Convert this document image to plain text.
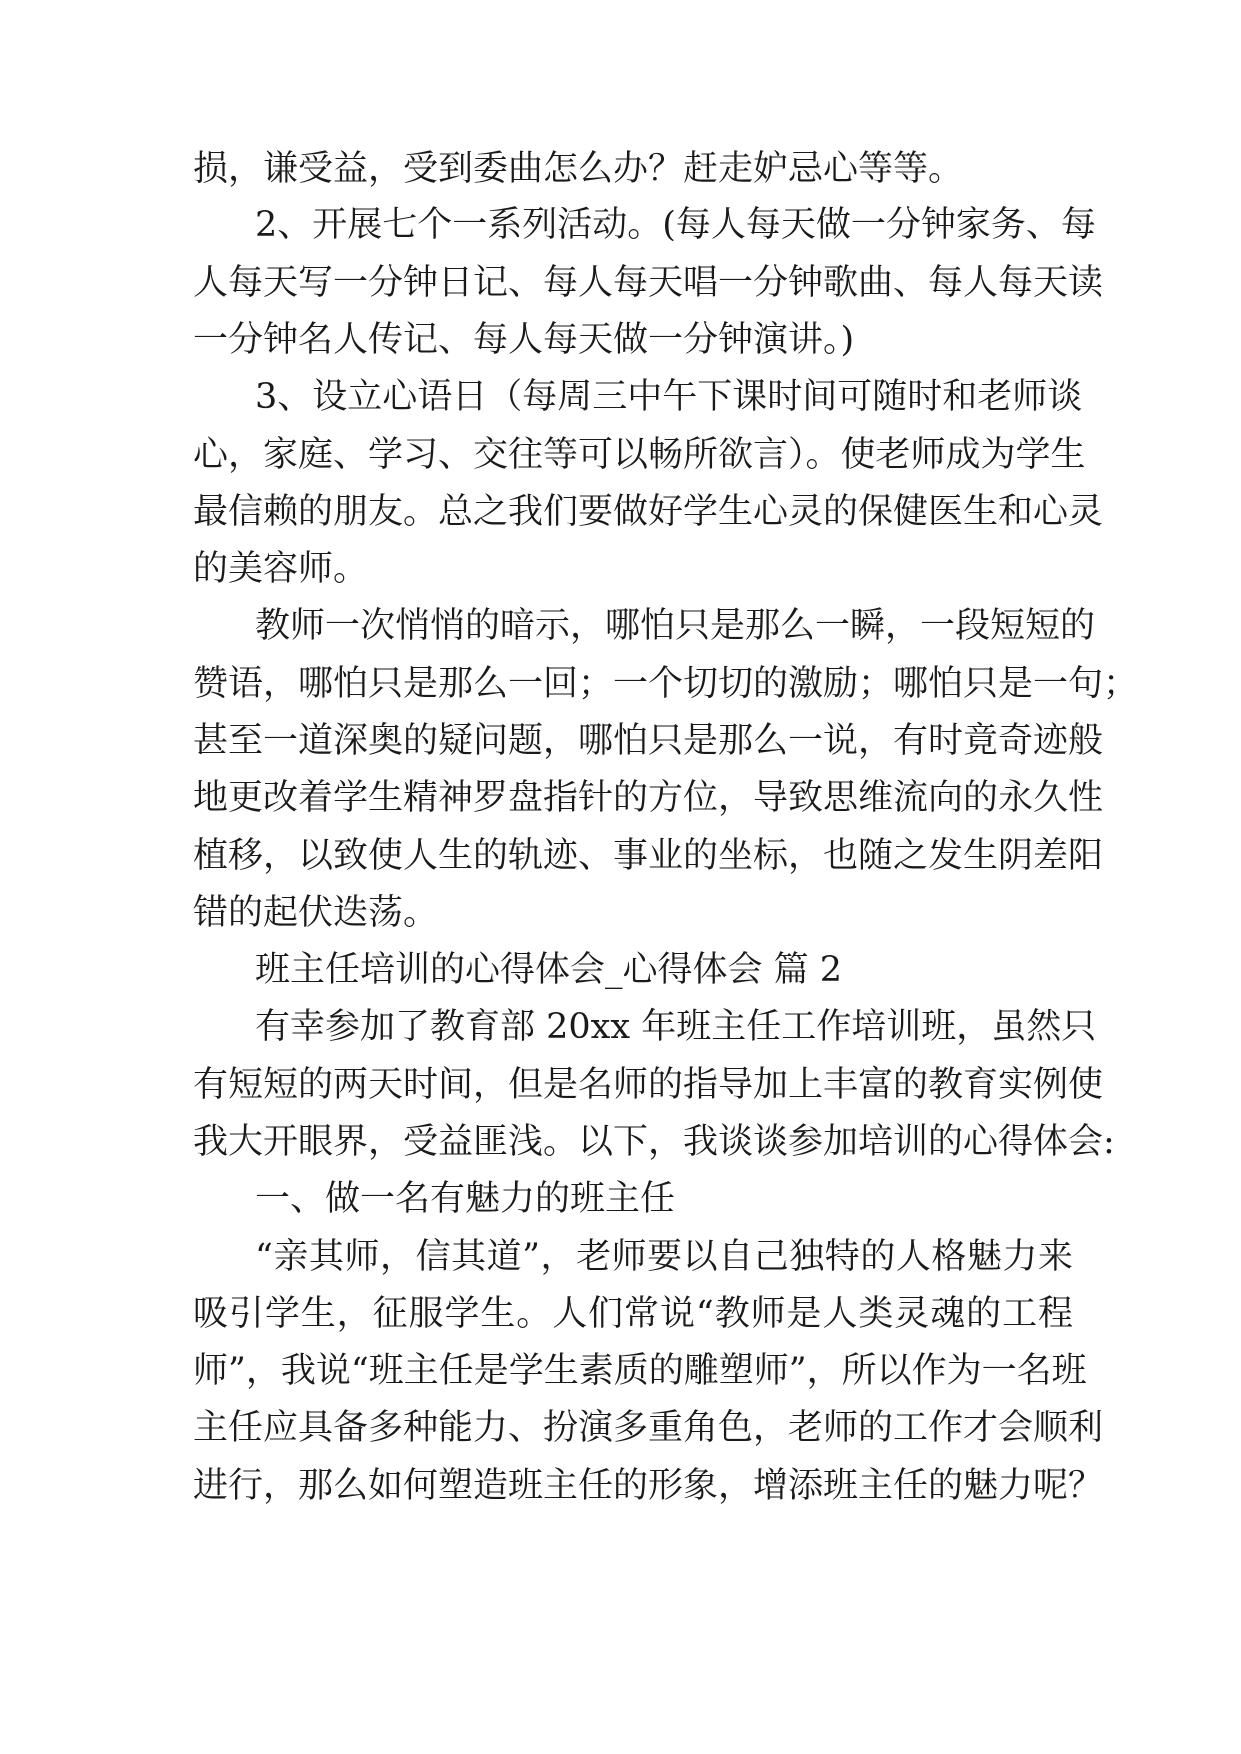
损，谦受益，受到委曲怎么办？赶走妒忌心等等。

2、开展七个一系列活动。(每人每天做一分钟家务、每

人每天写一分钟日记、每人每天唱一分钟歌曲、每人每天读

一分钟名人传记、每人每天做一分钟演讲。)

3、设立心语日（每周三中午下课时间可随时和老师谈

心，家庭、学习、交往等可以畅所欲言）。使老师成为学生

最信赖的朋友。总之我们要做好学生心灵的保健医生和心灵

的美容师。

教师一次悄悄的暗示，哪怕只是那么一瞬，一段短短的

赞语，哪怕只是那么一回；一个切切的激励；哪怕只是一句；

甚至一道深奥的疑问题，哪怕只是那么一说，有时竟奇迹般

地更改着学生精神罗盘指针的方位，导致思维流向的永久性

植移，以致使人生的轨迹、事业的坐标，也随之发生阴差阳

错的起伏迭荡。

班主任培训的心得体会_心得体会 篇 2

有幸参加了教育部 20xx 年班主任工作培训班，虽然只

有短短的两天时间，但是名师的指导加上丰富的教育实例使

我大开眼界，受益匪浅。以下，我谈谈参加培训的心得体会:

一、做一名有魅力的班主任

“亲其师，信其道”，老师要以自己独特的人格魅力来

吸引学生，征服学生。人们常说“教师是人类灵魂的工程

师”，我说“班主任是学生素质的雕塑师”，所以作为一名班

主任应具备多种能力、扮演多重角色，老师的工作才会顺利

进行，那么如何塑造班主任的形象，增添班主任的魅力呢？
